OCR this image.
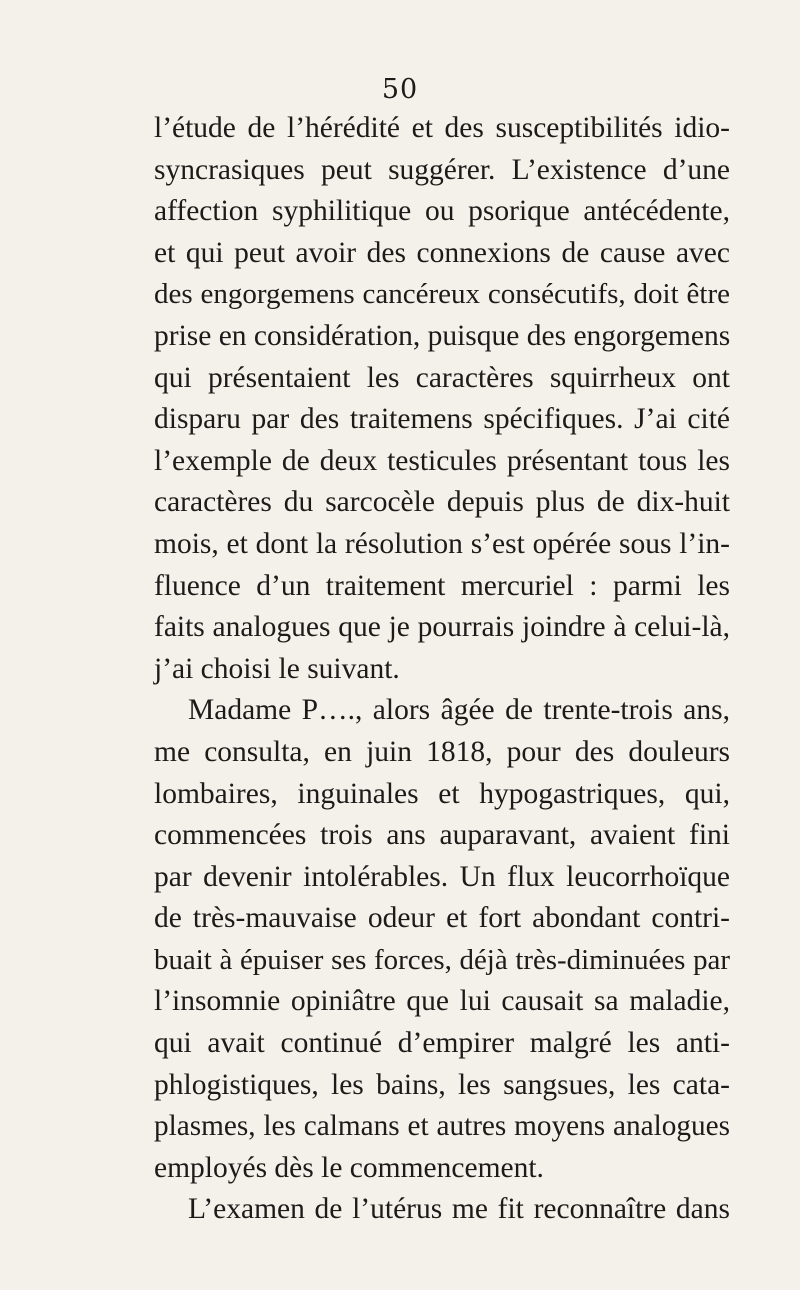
50
l’étude de l’hérédité et des susceptibilités idio-
syncrasiques peut suggérer. L’existence d’une
affection syphilitique ou psorique antécédente,
et qui peut avoir des connexions de cause avec
des engorgemens cancéreux consécutifs, doit être
prise en considération, puisque des engorgemens
qui présentaient les caractères squirrheux ont
disparu par des traitemens spécifiques. J’ai cité
l’exemple de deux testicules présentant tous les
caractères du sarcocèle depuis plus de dix-huit
mois, et dont la résolution s’est opérée sous l’in-
fluence d’un traitement mercuriel : parmi les
faits analogues que je pourrais joindre à celui-là,
j’ai choisi le suivant.
Madame P…., alors âgée de trente-trois ans,
me consulta, en juin 1818, pour des douleurs
lombaires, inguinales et hypogastriques, qui,
commencées trois ans auparavant, avaient fini
par devenir intolérables. Un flux leucorrhoïque
de très-mauvaise odeur et fort abondant contri-
buait à épuiser ses forces, déjà très-diminuées par
l’insomnie opiniâtre que lui causait sa maladie,
qui avait continué d’empirer malgré les anti-
phlogistiques, les bains, les sangsues, les cata-
plasmes, les calmans et autres moyens analogues
employés dès le commencement.
L’examen de l’utérus me fit reconnaître dans
